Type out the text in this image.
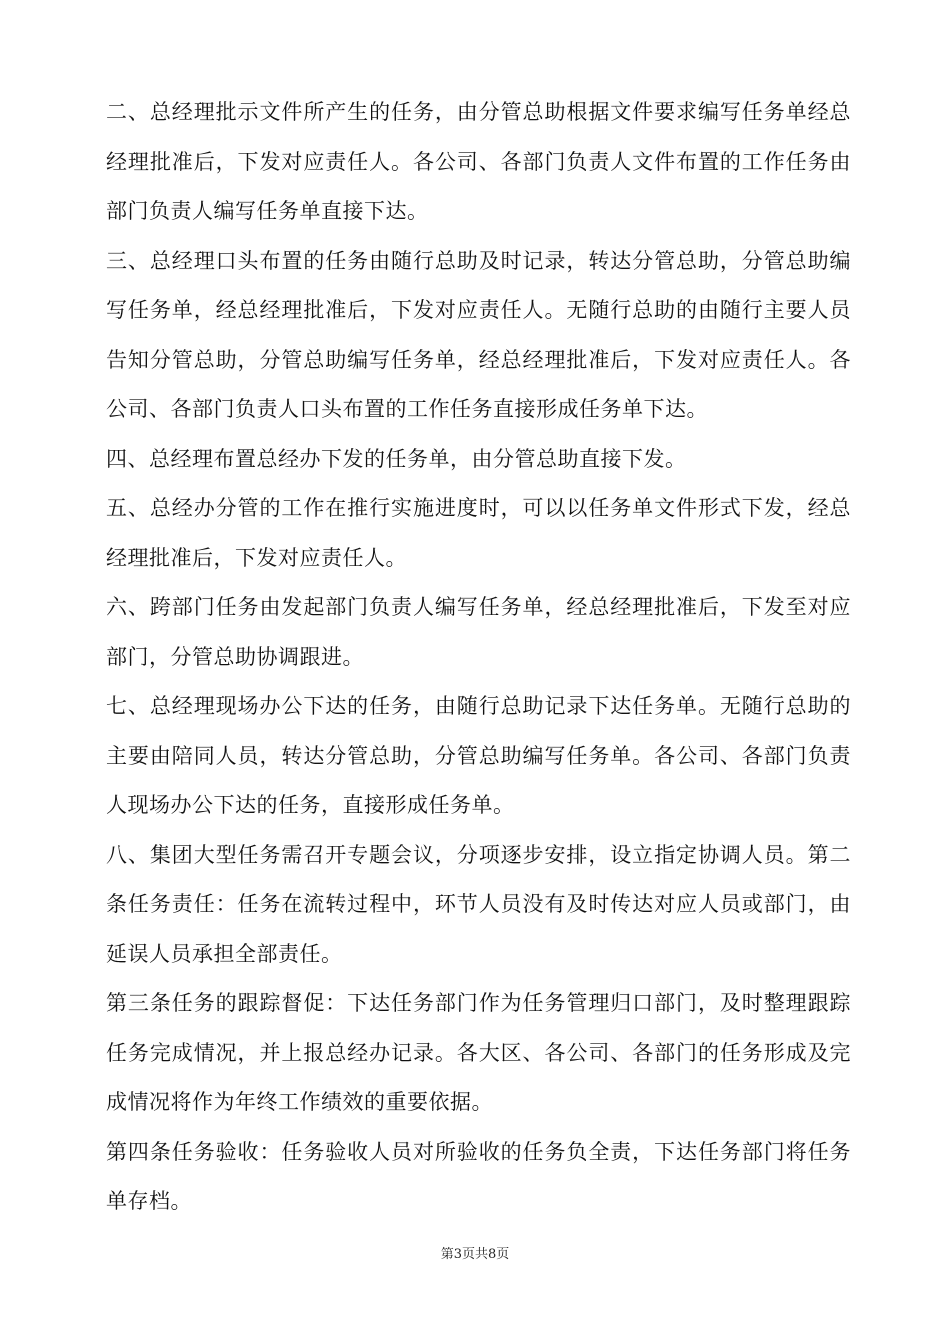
二、总经理批示文件所产生的任务，由分管总助根据文件要求编写任务单经总经理批准后，下发对应责任人。各公司、各部门负责人文件布置的工作任务由部门负责人编写任务单直接下达。

三、总经理口头布置的任务由随行总助及时记录，转达分管总助，分管总助编写任务单，经总经理批准后，下发对应责任人。无随行总助的由随行主要人员告知分管总助，分管总助编写任务单，经总经理批准后，下发对应责任人。各公司、各部门负责人口头布置的工作任务直接形成任务单下达。

四、总经理布置总经办下发的任务单，由分管总助直接下发。

五、总经办分管的工作在推行实施进度时，可以以任务单文件形式下发，经总经理批准后，下发对应责任人。

六、跨部门任务由发起部门负责人编写任务单，经总经理批准后，下发至对应部门，分管总助协调跟进。

七、总经理现场办公下达的任务，由随行总助记录下达任务单。无随行总助的主要由陪同人员，转达分管总助，分管总助编写任务单。各公司、各部门负责人现场办公下达的任务，直接形成任务单。

八、集团大型任务需召开专题会议，分项逐步安排，设立指定协调人员。第二条任务责任：任务在流转过程中，环节人员没有及时传达对应人员或部门，由延误人员承担全部责任。

第三条任务的跟踪督促：下达任务部门作为任务管理归口部门，及时整理跟踪任务完成情况，并上报总经办记录。各大区、各公司、各部门的任务形成及完成情况将作为年终工作绩效的重要依据。

第四条任务验收：任务验收人员对所验收的任务负全责，下达任务部门将任务单存档。

第3页共8页
